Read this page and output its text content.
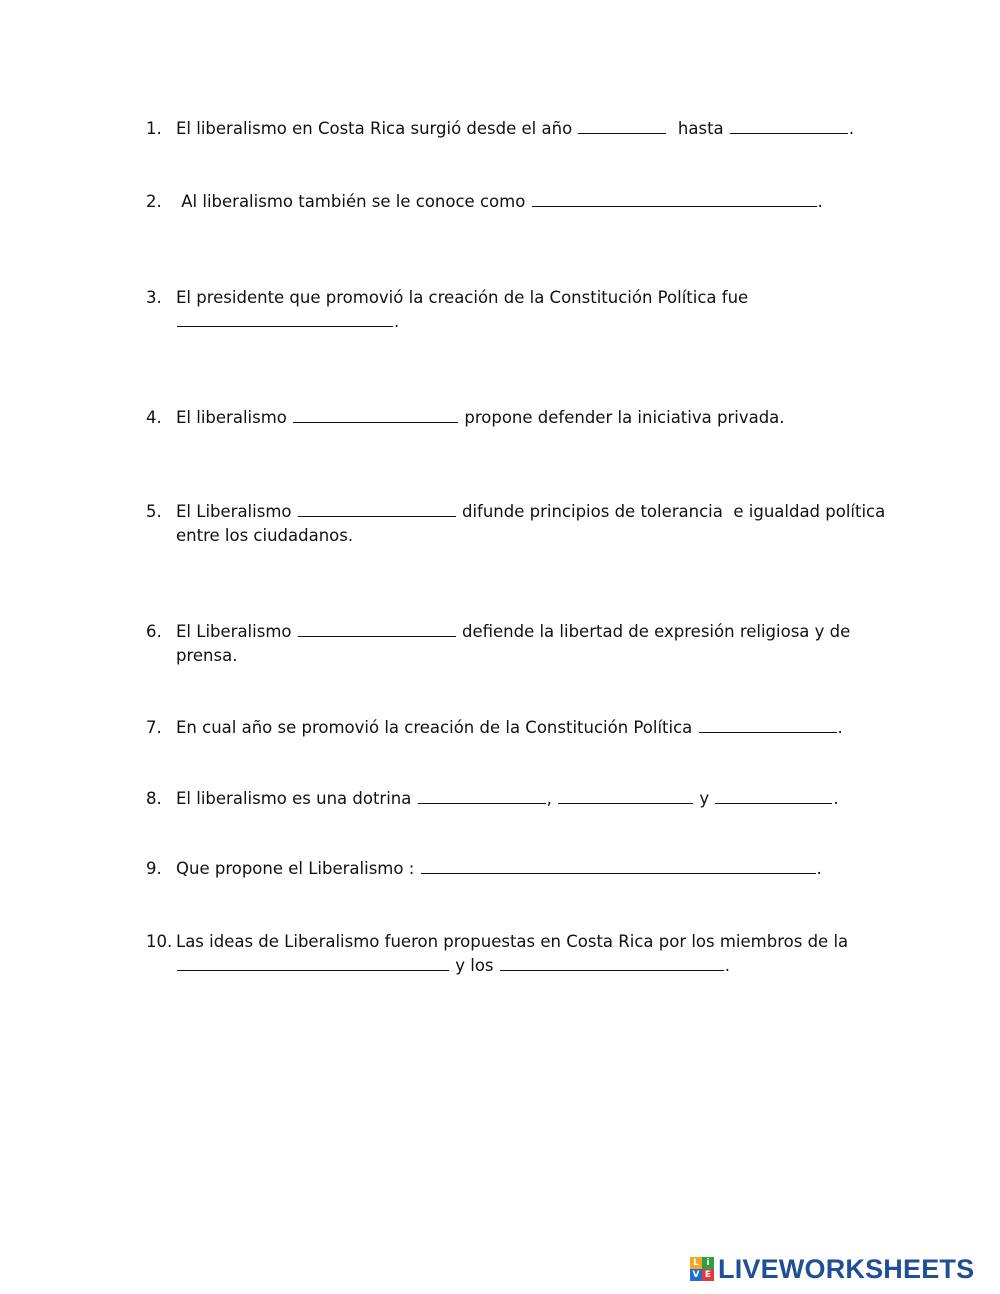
1. El liberalismo en Costa Rica surgió desde el año	hasta	.
2. Al liberalismo también se le conoce como	.
3. El presidente que promovió la creación de la Constitución Política fue
.
4. El liberalismo	propone defender la iniciativa privada.
5. El Liberalismo	difunde principios de tolerancia  e igualdad política
entre los ciudadanos.
6. El Liberalismo	defiende la libertad de expresión religiosa y de
prensa.
7. En cual año se promovió la creación de la Constitución Política	.
8. El liberalismo es una dotrina	,	y	.
9. Que propone el Liberalismo :	.
10. Las ideas de Liberalismo fueron propuestas en Costa Rica por los miembros de la
y los	.
L i
V E LIVEWORKSHEETS
